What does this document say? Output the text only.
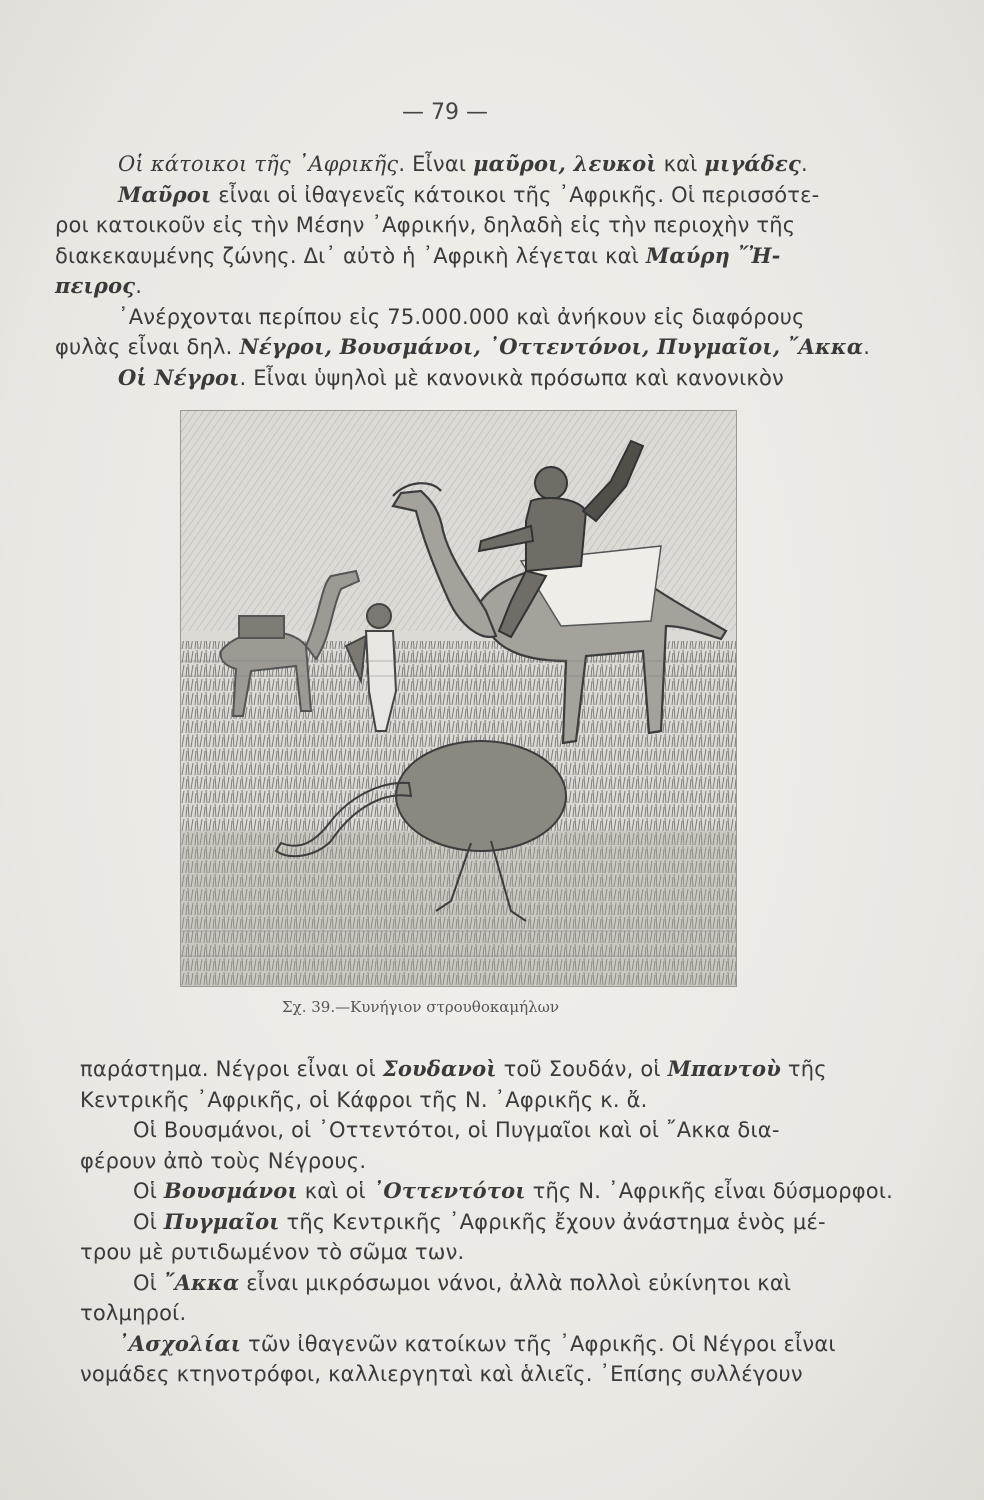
— 79 —
Οἱ κάτοικοι τῆς ᾿Αφρικῆς. Εἶναι μαῦροι, λευκοὶ καὶ μιγάδες.
Μαῦροι εἶναι οἱ ἰθαγενεῖς κάτοικοι τῆς ᾿Αφρικῆς. Οἱ περισσότε-
ροι κατοικοῦν εἰς τὴν Μέσην ᾿Αφρικήν, δηλαδὴ εἰς τὴν περιοχὴν τῆς
διακεκαυμένης ζώνης. Δι᾿ αὐτὸ ἡ ᾿Αφρικὴ λέγεται καὶ Μαύρη ῎Ἠ-
πειρος.
᾿Ανέρχονται περίπου εἰς 75.000.000 καὶ ἀνήκουν εἰς διαφόρους
φυλὰς εἶναι δηλ. Νέγροι, Βουσμάνοι, ᾿Οττεντόνοι, Πυγμαῖοι, ῎Ακκα.
Οἱ Νέγροι. Εἶναι ὑψηλοὶ μὲ κανονικὰ πρόσωπα καὶ κανονικὸν
Σχ. 39.—Κυνήγιον στρουθοκαμήλων
παράστημα. Νέγροι εἶναι οἱ Σουδανοὶ τοῦ Σουδάν, οἱ Μπαντοὺ τῆς
Κεντρικῆς ᾿Αφρικῆς, οἱ Κάφροι τῆς Ν. ᾿Αφρικῆς κ. ἄ.
Οἱ Βουσμάνοι, οἱ ᾿Οττεντότοι, οἱ Πυγμαῖοι καὶ οἱ ῎Ακκα δια-
φέρουν ἀπὸ τοὺς Νέγρους.
Οἱ Βουσμάνοι καὶ οἱ ᾿Οττεντότοι τῆς Ν. ᾿Αφρικῆς εἶναι δύσμορφοι.
Οἱ Πυγμαῖοι τῆς Κεντρικῆς ᾿Αφρικῆς ἔχουν ἀνάστημα ἑνὸς μέ-
τρου μὲ ρυτιδωμένον τὸ σῶμα των.
Οἱ ῎Ακκα εἶναι μικρόσωμοι νάνοι, ἀλλὰ πολλοὶ εὐκίνητοι καὶ
τολμηροί.
᾿Ασχολίαι τῶν ἰθαγενῶν κατοίκων τῆς ᾿Αφρικῆς. Οἱ Νέγροι εἶναι
νομάδες κτηνοτρόφοι, καλλιεργηταὶ καὶ ἁλιεῖς. ᾿Επίσης συλλέγουν
